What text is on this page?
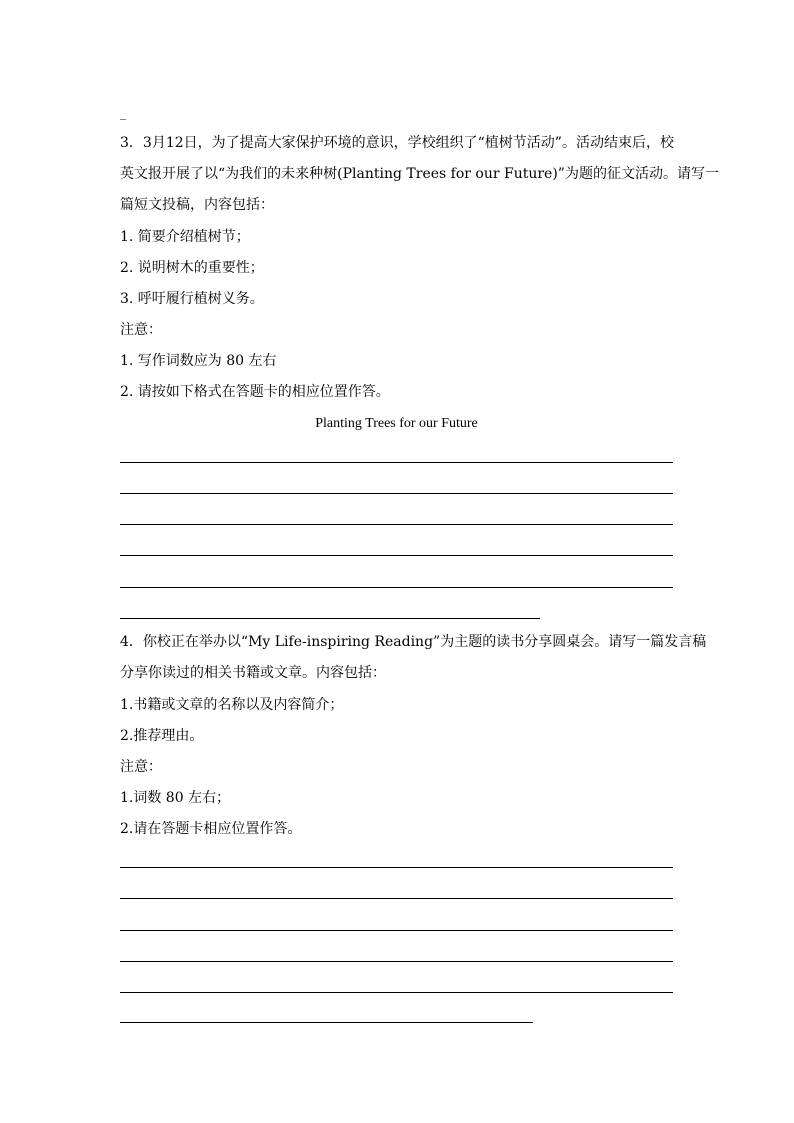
_
3．3月12日，为了提高大家保护环境的意识，学校组织了“植树节活动”。活动结束后，校
英文报开展了以“为我们的未来种树(Planting Trees for our Future)”为题的征文活动。请写一
篇短文投稿，内容包括：
1. 简要介绍植树节；
2. 说明树木的重要性；
3. 呼吁履行植树义务。
注意：
1. 写作词数应为 80 左右
2. 请按如下格式在答题卡的相应位置作答。
Planting Trees for our Future
4．你校正在举办以“My Life-inspiring Reading”为主题的读书分享圆桌会。请写一篇发言稿
分享你读过的相关书籍或文章。内容包括：
1.书籍或文章的名称以及内容简介；
2.推荐理由。
注意：
1.词数 80 左右；
2.请在答题卡相应位置作答。
